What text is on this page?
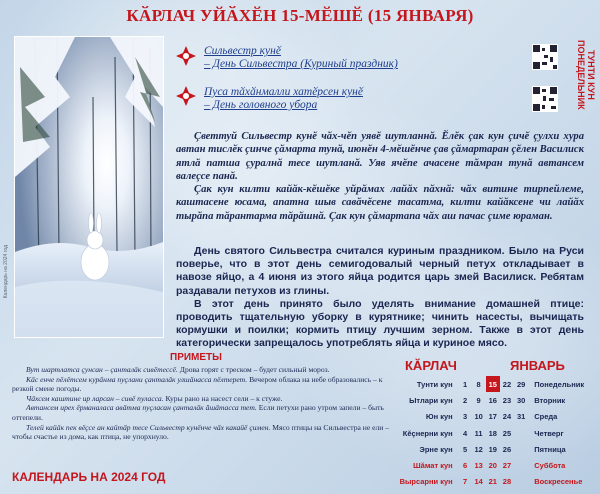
КӐРЛАЧ УЙӐХӖН 15-МӖШӖ (15 ЯНВАРЯ)
Календарь на 2024 год
ТУНТИ КУН ПОНЕДЕЛЬНИК
Сильвестр кунӗ
– День Сильвестра (Куриный праздник)
Пуса тӑхӑнмалли хатӗрсен кунӗ
– День головного убора

Çветтуй Сильвестр кунӗ чӑх-чӗп уявӗ шутланнӑ. Ӗлӗк çак кун çичӗ çулхи хура автан тислӗк çинче çӑмарта тунӑ, июнӗн 4-мӗшӗнче çав çӑмартаран çӗлен Василиск ятлӑ патша çуралнӑ тесе шутланӑ. Уяв ячӗпе ачасене тӑмран тунӑ автансем валеçсе панӑ.

Çак кун килти кайӑк-кӗшӗке уйрӑмах лайӑх пӑхнӑ: чӑх витине тирпейлеме, каштасене юсама, апатна шыв савӑчӗсене тасатма, килти кайӑксене чи лайӑх тырӑпа тӑрантарма тӑрӑшнӑ. Çак кун çӑмартапа чӑх аш пачас çиме юраман.

День святого Сильвестра считался куриным праздником. Было на Руси поверье, что в этот день семигодовалый черный петух откладывает в навозе яйцо, а 4 июня из этого яйца родится царь змей Василиск. Ребятам раздавали петухов из глины.

В этот день принято было уделять внимание домашней птице: проводить тщательную уборку в курятнике; чинить насесты, вычищать кормушки и поилки; кормить птицу лучшим зерном. Также в этот день категорически запрещалось употреблять яйца и куриное мясо.

ПРИМЕТЫ

Вут шартлатса çунсан – çанталӑк сивӗтессӗ. Дрова горят с треском – будет сильный мороз.

Кӑс енче пӗлӗтсем курӑнма пуçлани çанталӑк улшӑнасса пӗлтерет. Вечером облака на небе образовались – к резкой смене погоды.

Чӑхсем каштине ир ларсан – сивӗ пуласса. Куры рано на насест сели – к стуже.

Автансем ирех ӗрманаласа авӑтма пуçласан çанталӑк ăшӑтасса тет. Если петухи рано утром запели – быть оттепели.

Телей кайӑк пек вӗçсе ан кайтӑр тесе Сильвестр кунӗнче чӑх какайӗ çимен. Мясо птицы на Сильвестра не ели – чтобы счастье из дома, как птица, не упорхнуло.

КАЛЕНДАРЬ НА 2024 ГОД
КӐРЛАЧ	ЯНВАРЬ
Тунти кун	1	8	15	22	29	Понедельник
Ытлари кун	2	9	16	23	30	Вторник
Юн кун	3	10	17	24	31	Среда
Кӗçнерни кун	4	11	18	25		Четверг
Эрне кун	5	12	19	26		Пятница
Шӑмат кун	6	13	20	27		Суббота
Вырсарни кун	7	14	21	28		Воскресенье
